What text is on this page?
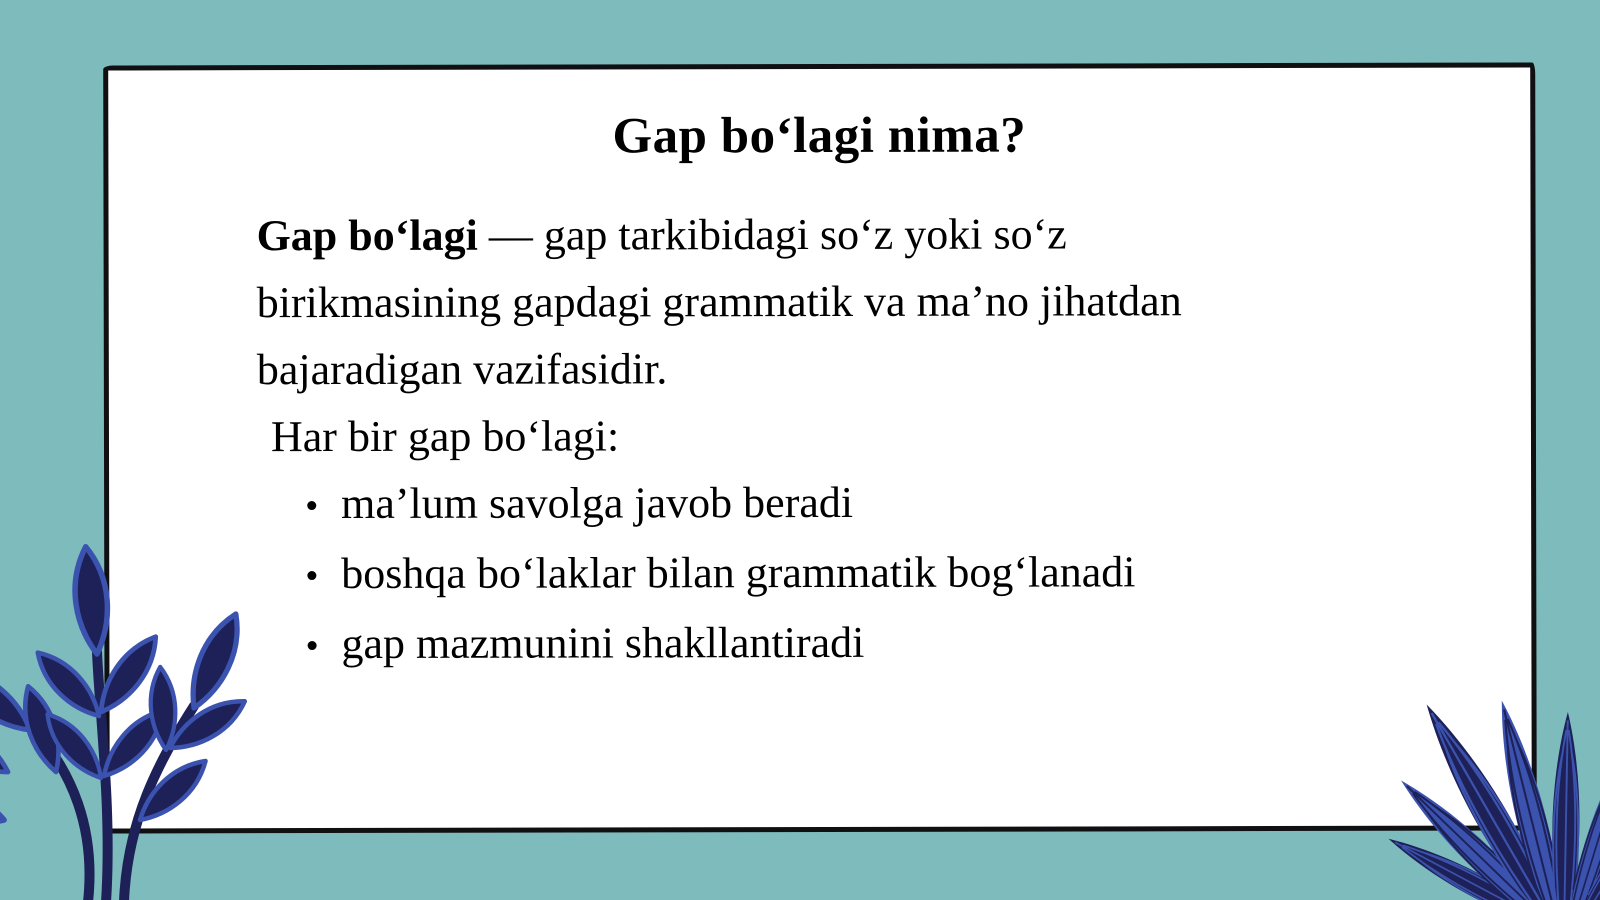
Gap bo‘lagi nima?

Gap bo‘lagi — gap tarkibidagi so‘z yoki so‘z
birikmasining gapdagi grammatik va ma’no jihatdan
bajaradigan vazifasidir.

Har bir gap bo‘lagi:

• ma’lum savolga javob beradi
• boshqa bo‘laklar bilan grammatik bog‘lanadi
• gap mazmunini shakllantiradi
